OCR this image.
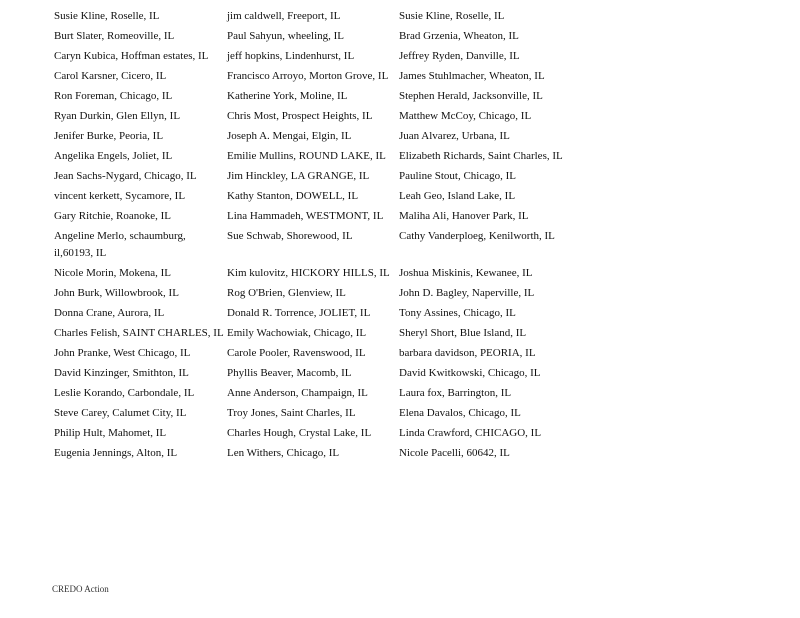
Susie Kline, Roselle, IL	jim caldwell, Freeport, IL	Susie Kline, Roselle, IL
Burt Slater, Romeoville, IL	Paul Sahyun, wheeling, IL	Brad Grzenia, Wheaton, IL
Caryn Kubica, Hoffman estates, IL	jeff hopkins, Lindenhurst, IL	Jeffrey Ryden, Danville, IL
Carol Karsner, Cicero, IL	Francisco Arroyo, Morton Grove, IL	James Stuhlmacher, Wheaton, IL
Ron Foreman, Chicago, IL	Katherine York, Moline, IL	Stephen Herald, Jacksonville, IL
Ryan Durkin, Glen Ellyn, IL	Chris Most, Prospect Heights, IL	Matthew McCoy, Chicago, IL
Jenifer Burke, Peoria, IL	Joseph A. Mengai, Elgin, IL	Juan Alvarez, Urbana, IL
Angelika Engels, Joliet, IL	Emilie Mullins, ROUND LAKE, IL	Elizabeth Richards, Saint Charles, IL
Jean Sachs-Nygard, Chicago, IL	Jim Hinckley, LA GRANGE, IL	Pauline Stout, Chicago, IL
vincent kerkett, Sycamore, IL	Kathy Stanton, DOWELL, IL	Leah Geo, Island Lake, IL
Gary Ritchie, Roanoke, IL	Lina Hammadeh, WESTMONT, IL	Maliha Ali, Hanover Park, IL
Angeline Merlo, schaumburg, il,60193, IL	Sue Schwab, Shorewood, IL	Cathy Vanderploeg, Kenilworth, IL
Nicole Morin, Mokena, IL	Kim kulovitz, HICKORY HILLS, IL	Joshua Miskinis, Kewanee, IL
John Burk, Willowbrook, IL	Rog O'Brien, Glenview, IL	John D. Bagley, Naperville, IL
Donna Crane, Aurora, IL	Donald R. Torrence, JOLIET, IL	Tony Assines, Chicago, IL
Charles Felish, SAINT CHARLES, IL	Emily Wachowiak, Chicago, IL	Sheryl Short, Blue Island, IL
John Pranke, West Chicago, IL	Carole Pooler, Ravenswood, IL	barbara davidson, PEORIA, IL
David Kinzinger, Smithton, IL	Phyllis Beaver, Macomb, IL	David Kwitkowski, Chicago, IL
Leslie Korando, Carbondale, IL	Anne Anderson, Champaign, IL	Laura fox, Barrington, IL
Steve Carey, Calumet City, IL	Troy Jones, Saint Charles, IL	Elena Davalos, Chicago, IL
Philip Hult, Mahomet, IL	Charles Hough, Crystal Lake, IL	Linda Crawford, CHICAGO, IL
Eugenia Jennings, Alton, IL	Len Withers, Chicago, IL	Nicole Pacelli, 60642, IL
CREDO Action
